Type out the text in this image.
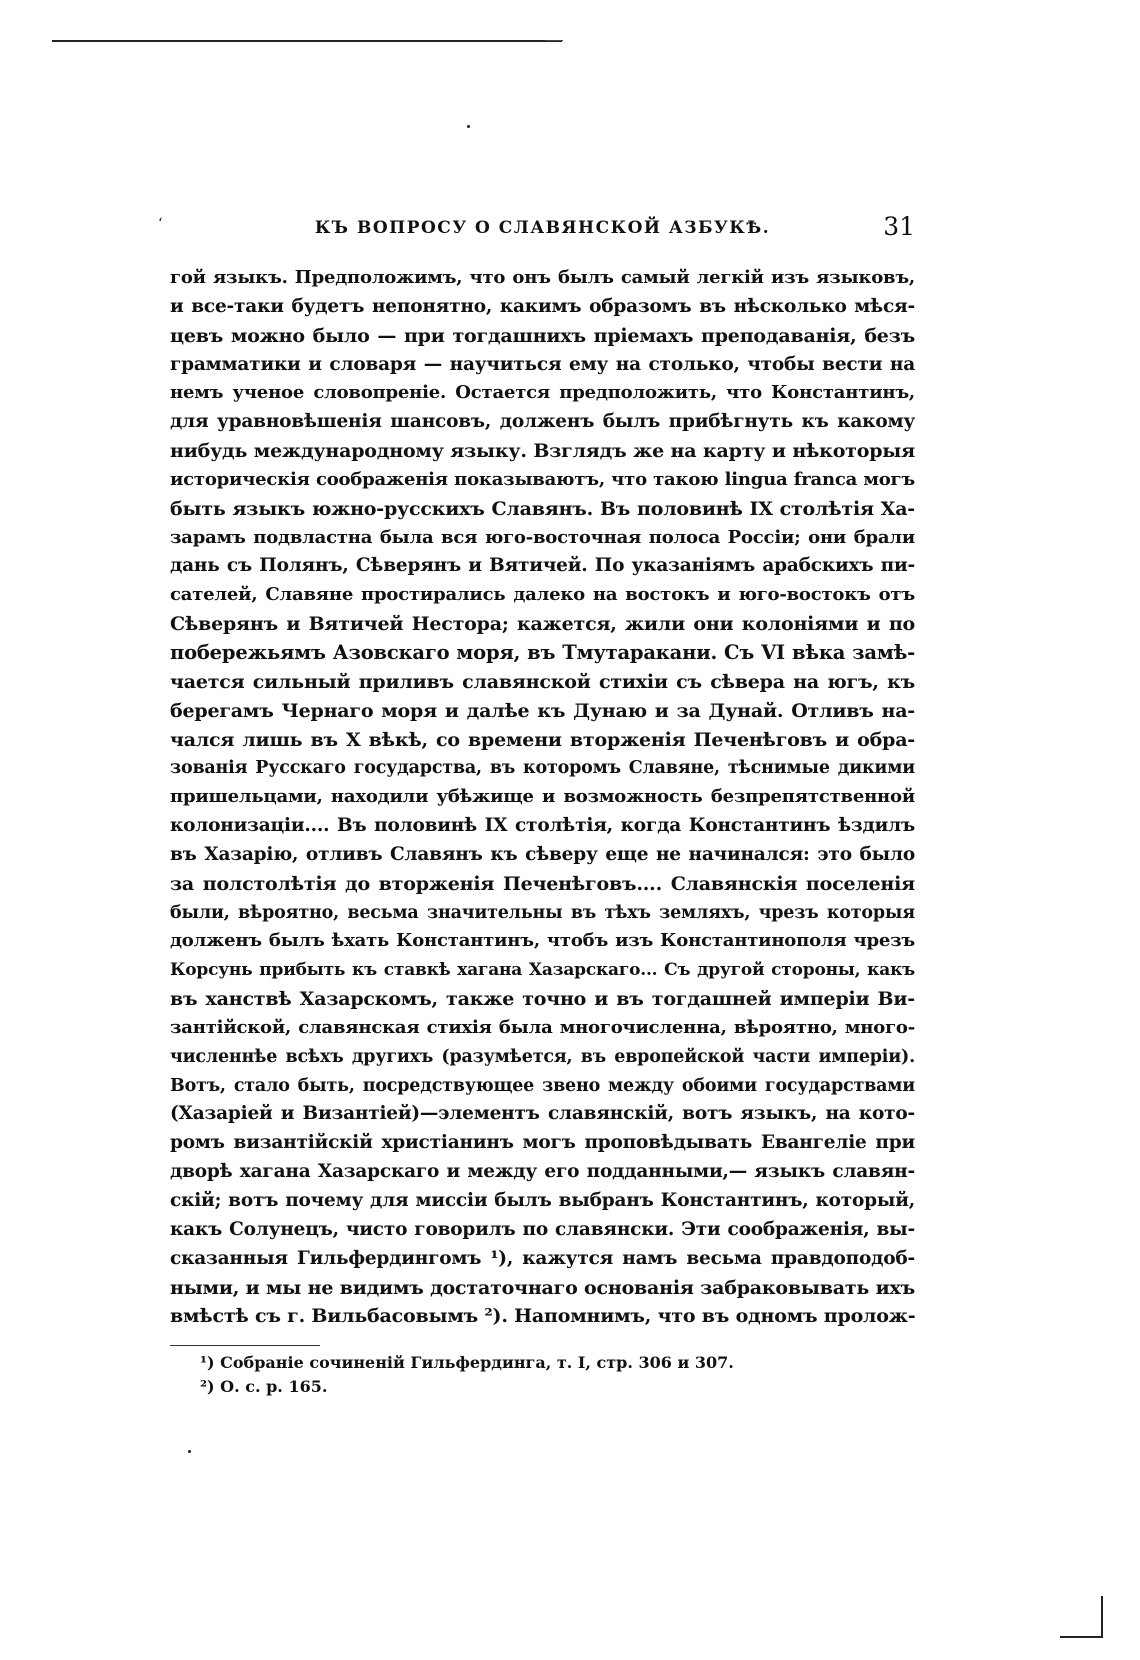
‘	КЪ ВОПРОСУ О СЛАВЯНСКОЙ АЗБУКѢ.	31
гой языкъ. Предположимъ, что онъ былъ самый легкій изъ языковъ,
и все-таки будетъ непонятно, какимъ образомъ въ нѣсколько мѣся-
цевъ можно было — при тогдашнихъ пріемахъ преподаванія, безъ
грамматики и словаря — научиться ему на столько, чтобы вести на
немъ ученое словопреніе. Остается предположить, что Константинъ,
для уравновѣшенія шансовъ, долженъ былъ прибѣгнуть къ какому
нибудь международному языку. Взглядъ же на карту и нѣкоторыя
историческія соображенія показываютъ, что такою lingua franca могъ
быть языкъ южно-русскихъ Славянъ. Въ половинѣ IX столѣтія Ха-
зарамъ подвластна была вся юго-восточная полоса Россіи; они брали
дань съ Полянъ, Сѣверянъ и Вятичей. По указаніямъ арабскихъ пи-
сателей, Славяне простирались далеко на востокъ и юго-востокъ отъ
Сѣверянъ и Вятичей Нестора; кажется, жили они колоніями и по
побережьямъ Азовскаго моря, въ Тмутаракани. Съ VI вѣка замѣ-
чается сильный приливъ славянской стихіи съ сѣвера на югъ, къ
берегамъ Чернаго моря и далѣе къ Дунаю и за Дунай. Отливъ на-
чался лишь въ X вѣкѣ, со времени вторженія Печенѣговъ и обра-
зованія Русскаго государства, въ которомъ Славяне, тѣснимые дикими
пришельцами, находили убѣжище и возможность безпрепятственной
колонизаціи.... Въ половинѣ IX столѣтія, когда Константинъ ѣздилъ
въ Хазарію, отливъ Славянъ къ сѣверу еще не начинался: это было
за полстолѣтія до вторженія Печенѣговъ.... Славянскія поселенія
были, вѣроятно, весьма значительны въ тѣхъ земляхъ, чрезъ которыя
долженъ былъ ѣхать Константинъ, чтобъ изъ Константинополя чрезъ
Корсунь прибыть къ ставкѣ хагана Хазарскаго... Съ другой стороны, какъ
въ ханствѣ Хазарскомъ, также точно и въ тогдашней имперіи Ви-
зантійской, славянская стихія была многочисленна, вѣроятно, много-
численнѣе всѣхъ другихъ (разумѣется, въ европейской части имперіи).
Вотъ, стало быть, посредствующее звено между обоими государствами
(Хазаріей и Византіей)—элементъ славянскій, вотъ языкъ, на кото-
ромъ византійскій христіанинъ могъ проповѣдывать Евангеліе при
дворѣ хагана Хазарскаго и между его подданными,— языкъ славян-
скій; вотъ почему для миссіи былъ выбранъ Константинъ, который,
какъ Солунецъ, чисто говорилъ по славянски. Эти соображенія, вы-
сказанныя Гильфердингомъ ¹), кажутся намъ весьма правдоподоб-
ными, и мы не видимъ достаточнаго основанія забраковывать ихъ
вмѣстѣ съ г. Вильбасовымъ ²). Напомнимъ, что въ одномъ пролож-
¹) Собраніе сочиненій Гильфердинга, т. I, стр. 306 и 307.
²) О. с. р. 165.
